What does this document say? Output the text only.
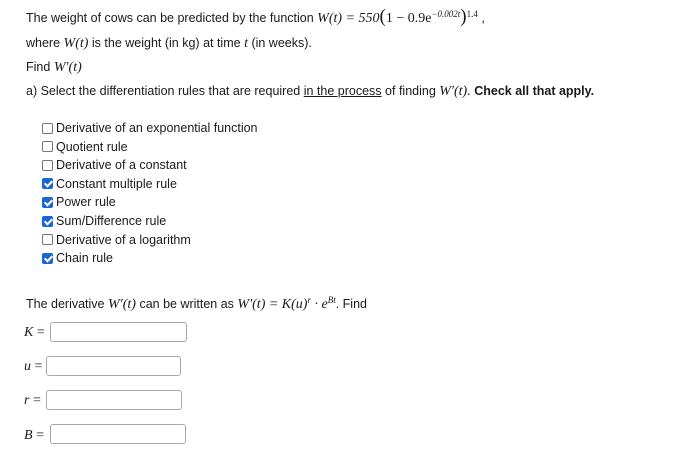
The weight of cows can be predicted by the function $W(t) = 550(1 - 0.9e^{-0.002t})^{1.4}$ ,
where W(t) is the weight (in kg) at time t (in weeks).
Find W′(t)
a) Select the differentiation rules that are required in the process of finding W′(t). Check all that apply.
Derivative of an exponential function
Quotient rule
Derivative of a constant
Constant multiple rule
Power rule
Sum/Difference rule
Derivative of a logarithm
Chain rule
The derivative W′(t) can be written as $W'(t) = K(u)^r \cdot e^{Bt}$. Find
K =
u =
r =
B =
